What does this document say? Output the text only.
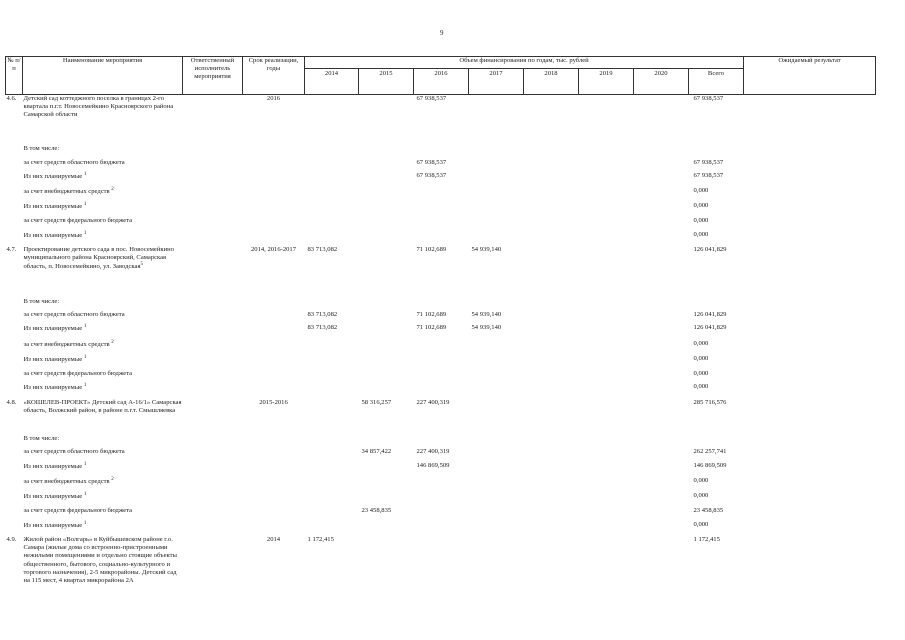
9
№ п/п	Наименование мероприятия	Ответственный исполнитель мероприятия	Срок реализации, годы	Объем финансирования по годам, тыс. рублей								Ожидаемый результат
				2014	2015	2016	2017	2018	2019	2020	Всего	
4.6.	Детский сад коттеджного поселка в границах 2-го квартала п.г.т. Новосемейкино Красноярского района Самарской области		2016			67 938,537					67 938,537	

	В том числе:											
	за счет средств областного бюджета					67 938,537					67 938,537	
	Из них планируемые $^1$					67 938,537					67 938,537	
	за счет внебюджетных средств $^2$										0,000	
	Из них планируемые $^1$										0,000	
	за счет средств федерального бюджета										0,000	
	Из них планируемые $^1$										0,000	
4.7.	Проектирование детского сада в пос. Новосемейкино муниципального района Красноярский, Самарская область, п. Новосемейкино, ул. Заводская$^5$		2014, 2016-2017	83 713,082		71 102,689	54 939,140				126 041,829	

	В том числе:											
	за счет средств областного бюджета			83 713,082		71 102,689	54 939,140				126 041,829	
	Из них планируемые $^1$			83 713,082		71 102,689	54 939,140				126 041,829	
	за счет внебюджетных средств $^2$										0,000	
	Из них планируемые $^1$										0,000	
	за счет средств федерального бюджета										0,000	
	Из них планируемые $^1$										0,000	
4.8.	«КОШЕЛЕВ-ПРОЕКТ» Детский сад А-16/1» Самарская область, Волжский район, в районе п.г.т. Смышляевка		2015-2016		58 316,257	227 400,319					285 716,576	

	В том числе:											
	за счет средств областного бюджета				34 857,422	227 400,319					262 257,741	
	Из них планируемые $^1$					146 869,509					146 869,509	
	за счет внебюджетных средств $^2$										0,000	
	Из них планируемые $^1$										0,000	
	за счет средств федерального бюджета				23 458,835						23 458,835	
	Из них планируемые $^1$										0,000	
4.9.	Жилой район «Волгарь» в Куйбышевском районе г.о. Самара (жилые дома со встроенно-пристроенными нежилыми помещениями и отдельно стоящие объекты общественного, бытового, социально-культурного и торгового назначения), 2-5 микрорайоны. Детский сад на 115 мест, 4 квартал микрорайона 2А		2014	1 172,415							1 172,415	
